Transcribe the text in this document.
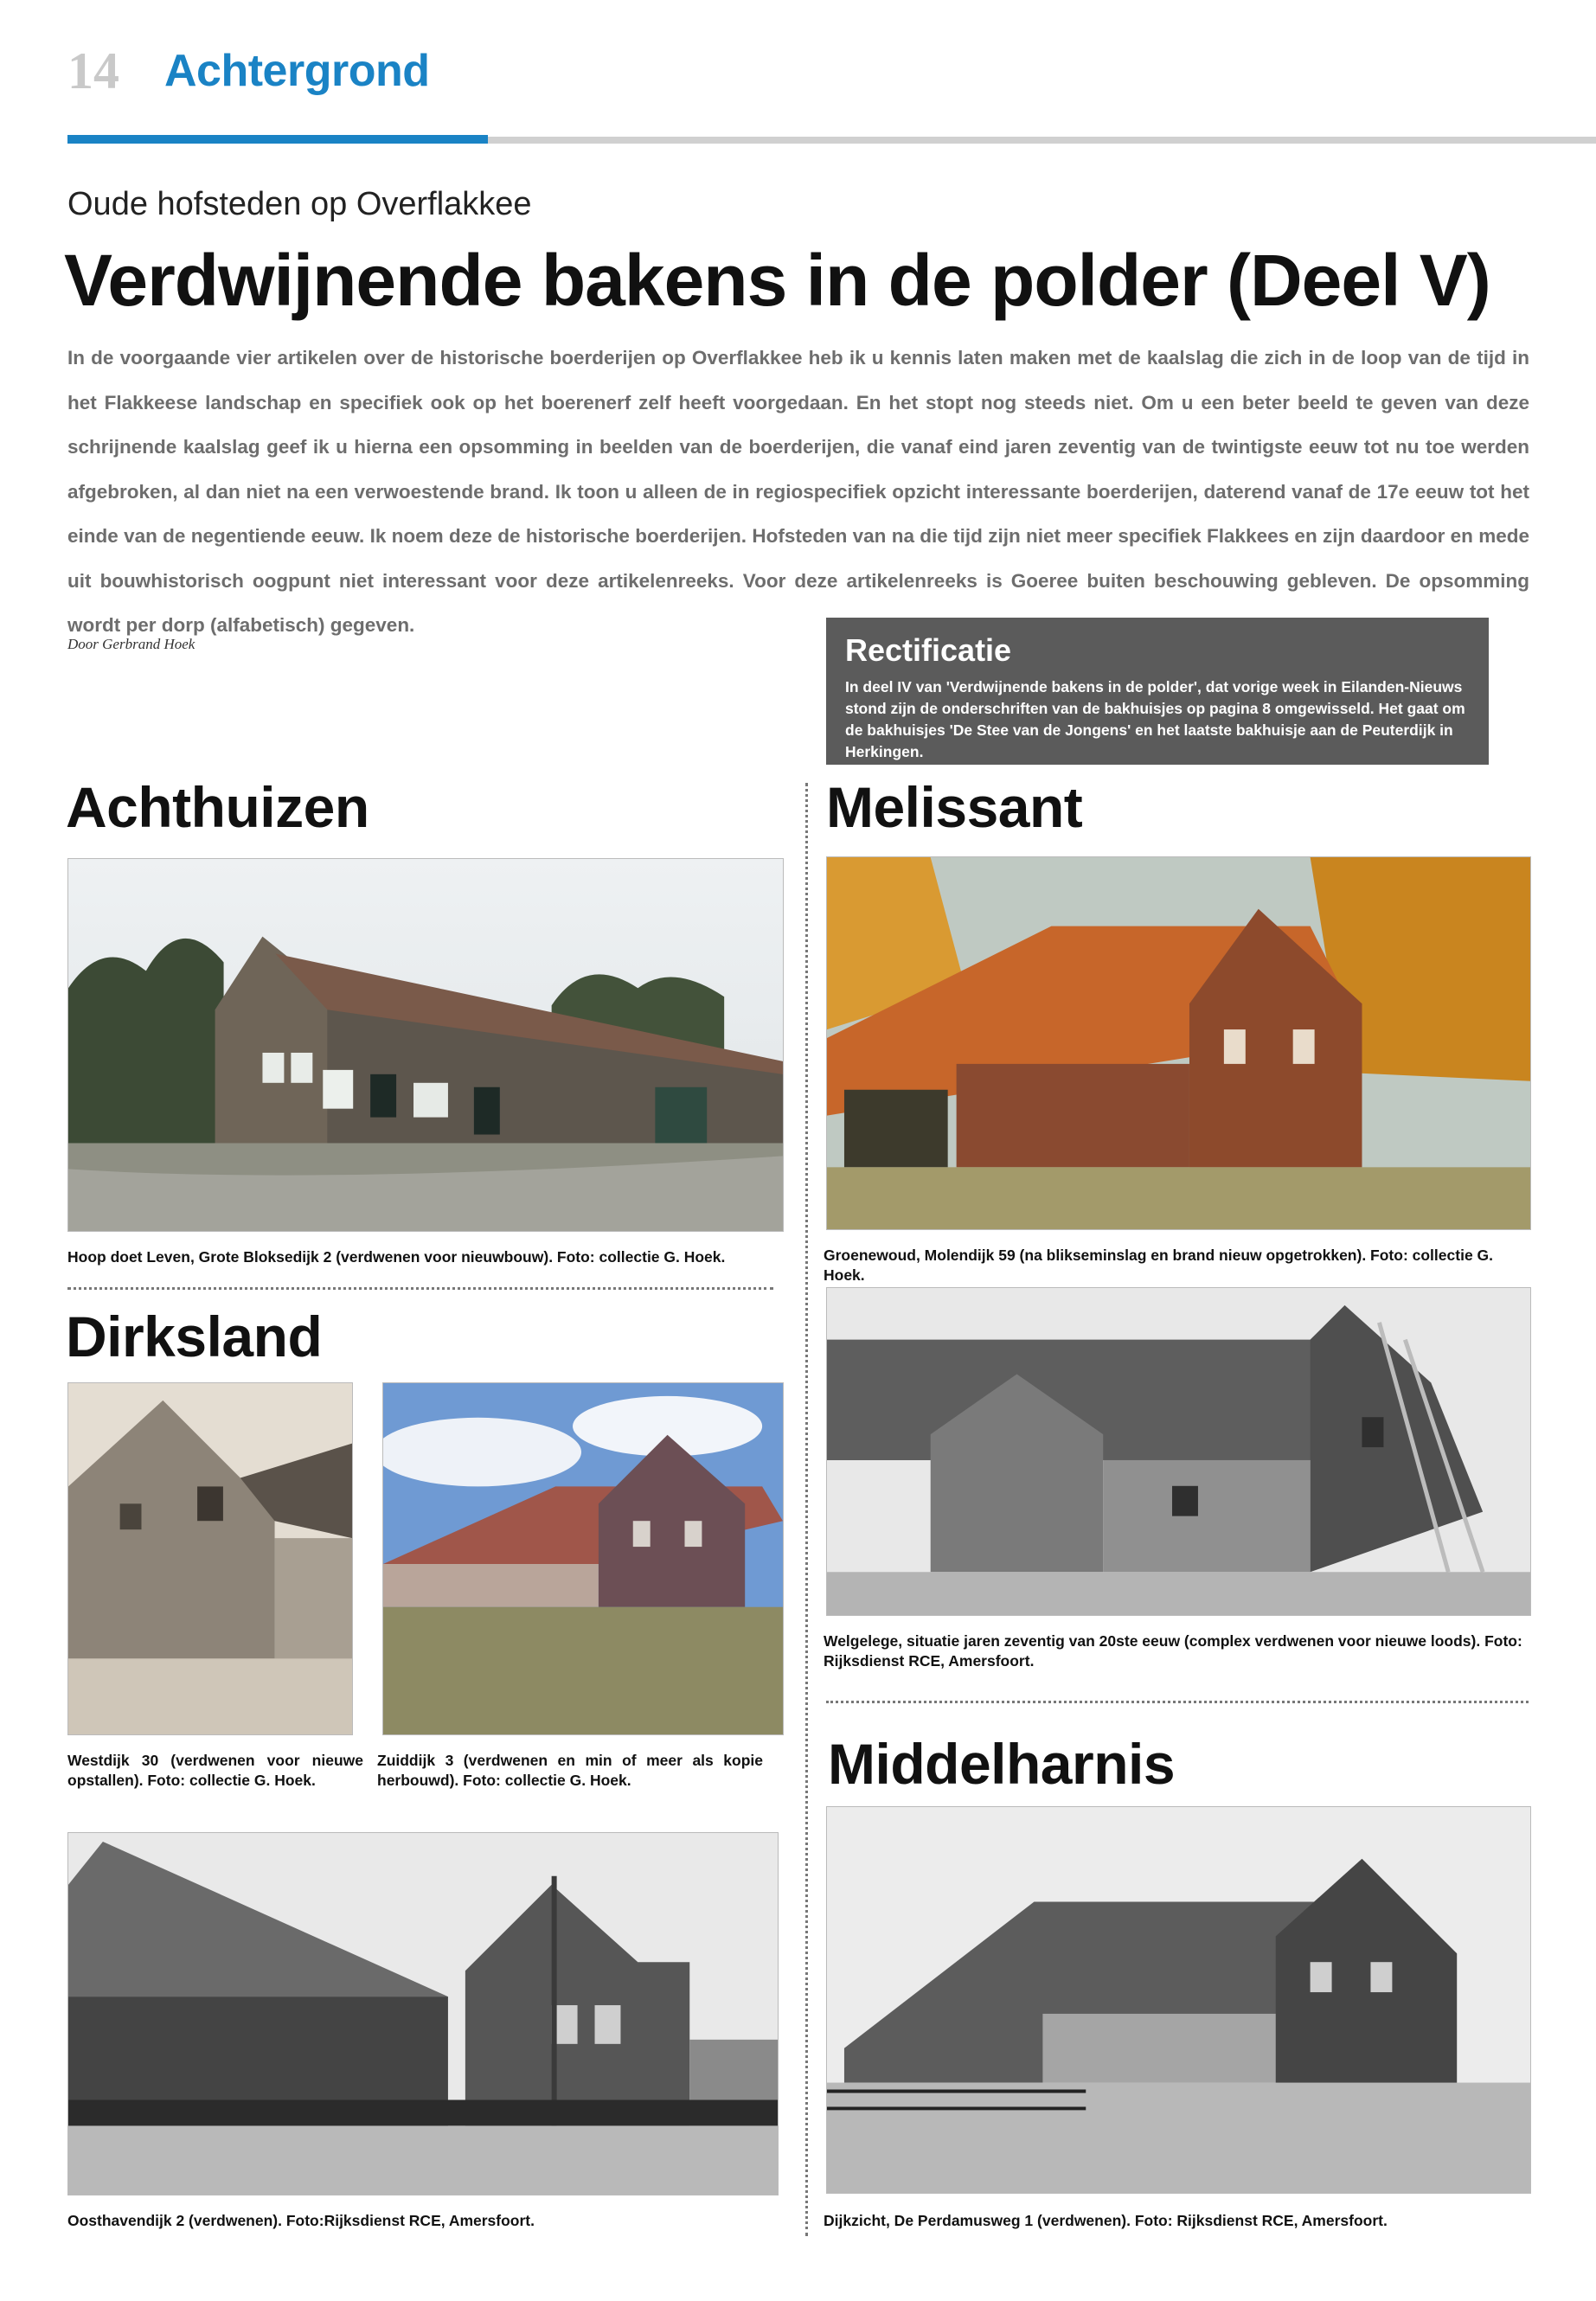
14 Achtergrond
Oude hofsteden op Overflakkee
Verdwijnende bakens in de polder (Deel V)
In de voorgaande vier artikelen over de historische boerderijen op Overflakkee heb ik u kennis laten maken met de kaalslag die zich in de loop van de tijd in het Flakkeese landschap en specifiek ook op het boerenerf zelf heeft voorgedaan. En het stopt nog steeds niet. Om u een beter beeld te geven van deze schrijnende kaalslag geef ik u hierna een opsomming in beelden van de boerderijen, die vanaf eind jaren zeventig van de twintigste eeuw tot nu toe werden afgebroken, al dan niet na een verwoestende brand. Ik toon u alleen de in regiospecifiek opzicht interessante boerderijen, daterend vanaf de 17e eeuw tot het einde van de negentiende eeuw. Ik noem deze de historische boerderijen. Hofsteden van na die tijd zijn niet meer specifiek Flakkees en zijn daardoor en mede uit bouwhistorisch oogpunt niet interessant voor deze artikelenreeks. Voor deze artikelenreeks is Goeree buiten beschouwing gebleven. De opsomming wordt per dorp (alfabetisch) gegeven.
Door Gerbrand Hoek	Rectificatie
In deel IV van 'Verdwijnende bakens in de polder', dat vorige week in Eilanden-Nieuws stond zijn de onderschriften van de bakhuisjes op pagina 8 omgewisseld. Het gaat om de bakhuisjes 'De Stee van de Jongens' en het laatste bakhuisje aan de Peuterdijk in Herkingen.
Achthuizen
Hoop doet Leven, Grote Bloksedijk 2 (verdwenen voor nieuwbouw). Foto: collectie G. Hoek.
Dirksland
Westdijk 30 (verdwenen voor nieuwe opstallen). Foto: collectie G. Hoek.
Zuiddijk 3 (verdwenen en min of meer als kopie herbouwd). Foto: collectie G. Hoek.
Oosthavendijk 2 (verdwenen). Foto:Rijksdienst RCE, Amersfoort.
Melissant
Groenewoud, Molendijk 59 (na blikseminslag en brand nieuw opgetrokken). Foto: collectie G. Hoek.
Welgelege, situatie jaren zeventig van 20ste eeuw (complex verdwenen voor nieuwe loods). Foto: Rijksdienst RCE, Amersfoort.
Middelharnis
Dijkzicht, De Perdamusweg 1 (verdwenen). Foto: Rijksdienst RCE, Amersfoort.
